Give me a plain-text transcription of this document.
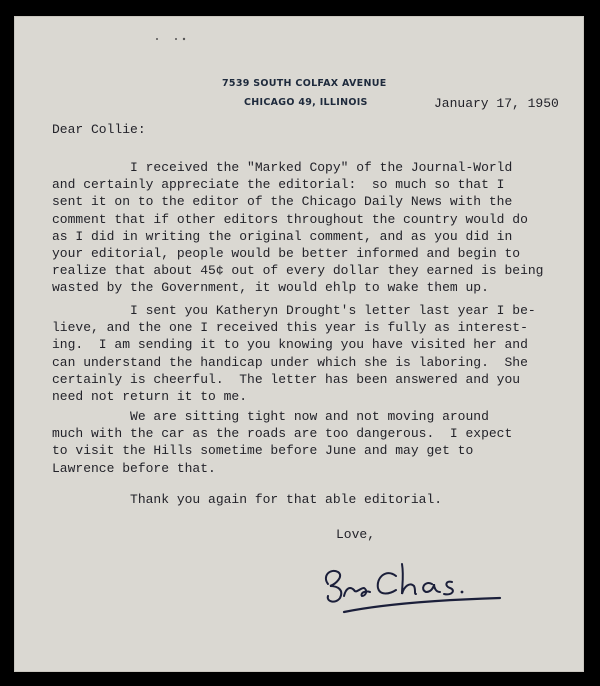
7539 SOUTH COLFAX AVENUE
CHICAGO 49, ILLINOIS	January 17, 1950
Dear Collie:
I received the "Marked Copy" of the Journal-World
and certainly appreciate the editorial:  so much so that I
sent it on to the editor of the Chicago Daily News with the
comment that if other editors throughout the country would do
as I did in writing the original comment, and as you did in
your editorial, people would be better informed and begin to
realize that about 45¢ out of every dollar they earned is being
wasted by the Government, it would ehlp to wake them up.
I sent you Katheryn Drought's letter last year I be-
lieve, and the one I received this year is fully as interest-
ing.  I am sending it to you knowing you have visited her and
can understand the handicap under which she is laboring.  She
certainly is cheerful.  The letter has been answered and you
need not return it to me.
We are sitting tight now and not moving around
much with the car as the roads are too dangerous.  I expect
to visit the Hills sometime before June and may get to
Lawrence before that.
Thank you again for that able editorial.
Love,
